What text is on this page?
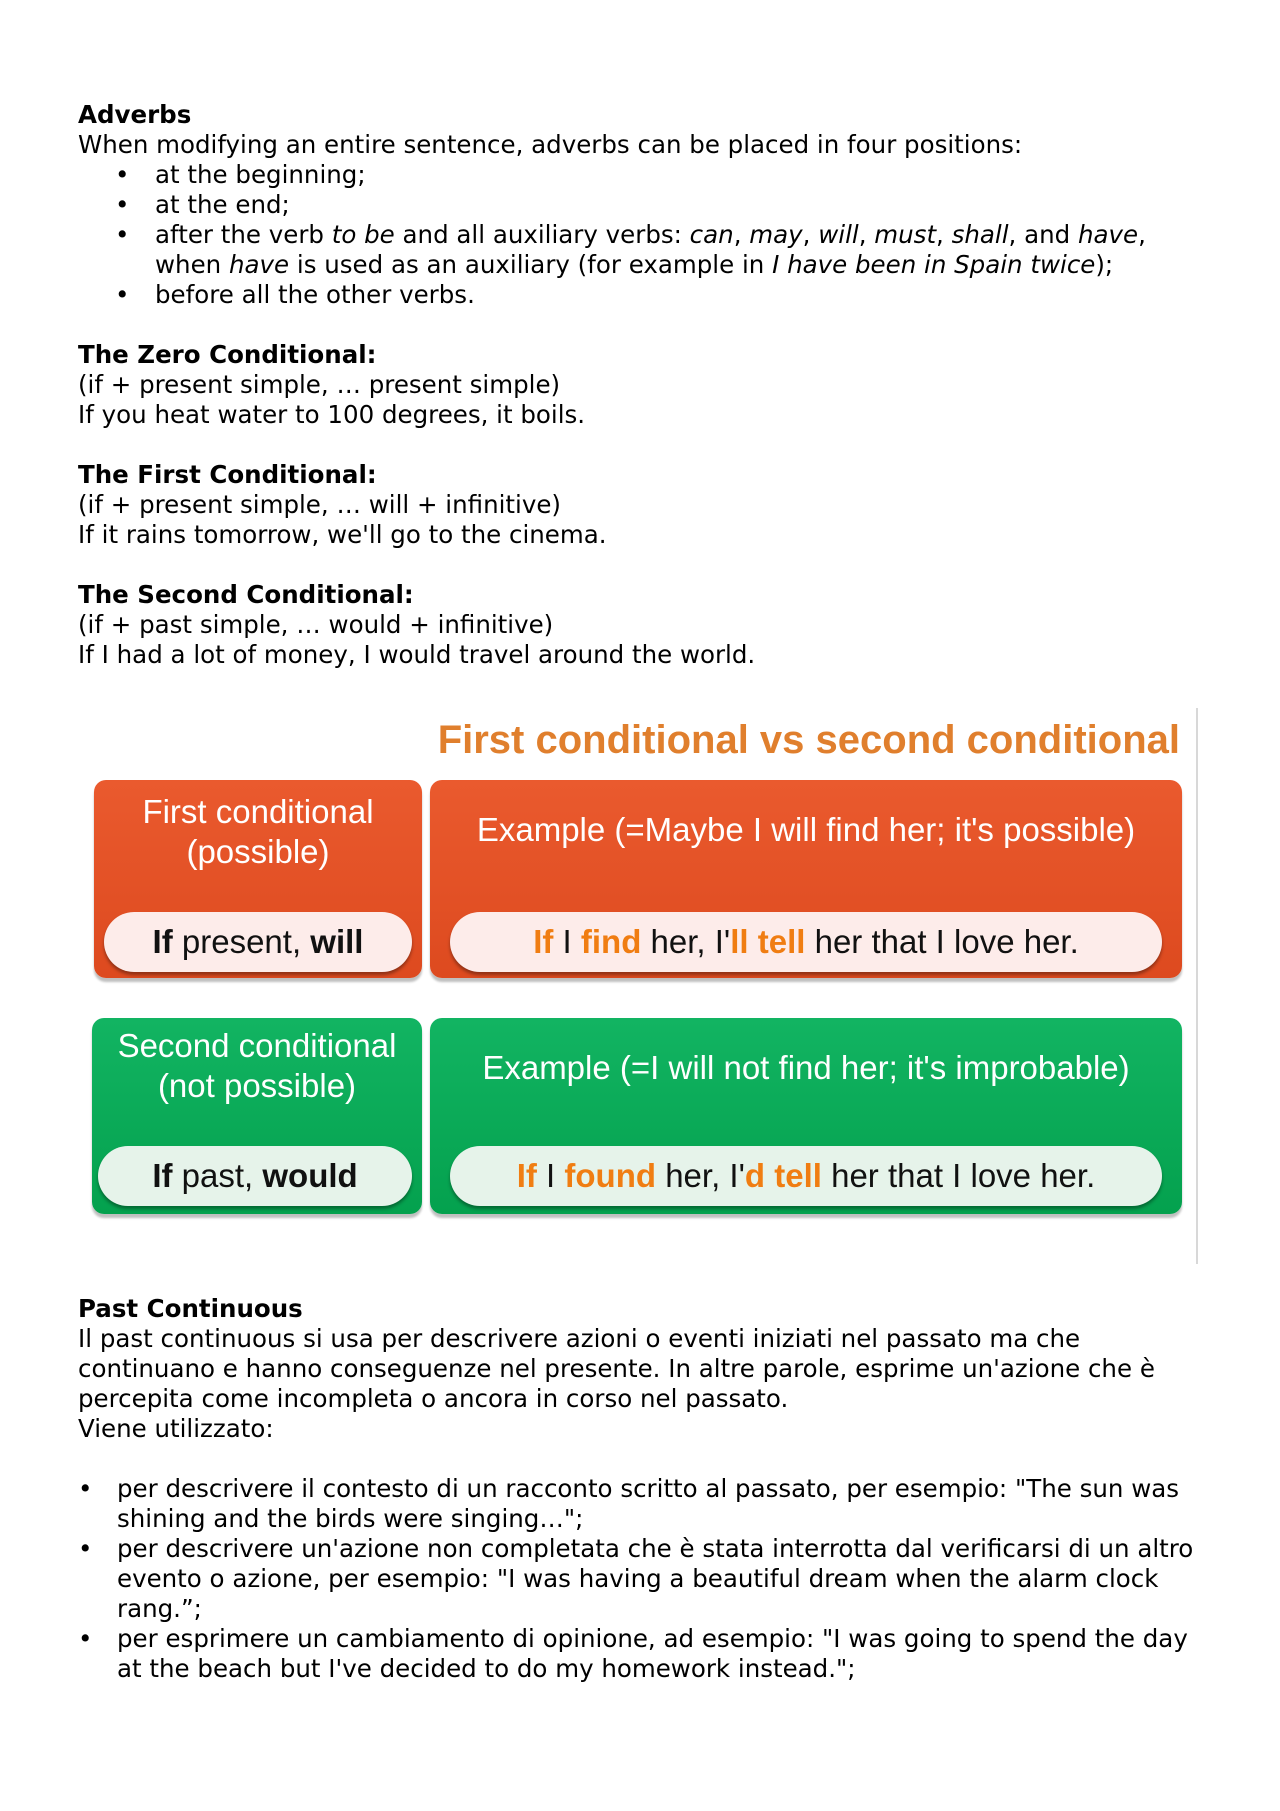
Adverbs
When modifying an entire sentence, adverbs can be placed in four positions:
• at the beginning;
• at the end;
• after the verb to be and all auxiliary verbs: can, may, will, must, shall, and have, when have is used as an auxiliary (for example in I have been in Spain twice);
• before all the other verbs.
The Zero Conditional:
(if + present simple, … present simple)
If you heat water to 100 degrees, it boils.
The First Conditional:
(if + present simple, … will + infinitive)
If it rains tomorrow, we'll go to the cinema.
The Second Conditional:
(if + past simple, … would + infinitive)
If I had a lot of money, I would travel around the world.
First conditional vs second conditional
First conditional
(possible)
If present, will
Example (=Maybe I will find her; it's possible)
If I find her, I'll tell her that I love her.
Second conditional
(not possible)
If past, would
Example (=I will not find her; it's improbable)
If I found her, I'd tell her that I love her.
Past Continuous
Il past continuous si usa per descrivere azioni o eventi iniziati nel passato ma che continuano e hanno conseguenze nel presente. In altre parole, esprime un'azione che è percepita come incompleta o ancora in corso nel passato.
Viene utilizzato:
• per descrivere il contesto di un racconto scritto al passato, per esempio: "The sun was shining and the birds were singing…";
• per descrivere un'azione non completata che è stata interrotta dal verificarsi di un altro evento o azione, per esempio: "I was having a beautiful dream when the alarm clock rang.”;
• per esprimere un cambiamento di opinione, ad esempio: "I was going to spend the day at the beach but I've decided to do my homework instead.";
